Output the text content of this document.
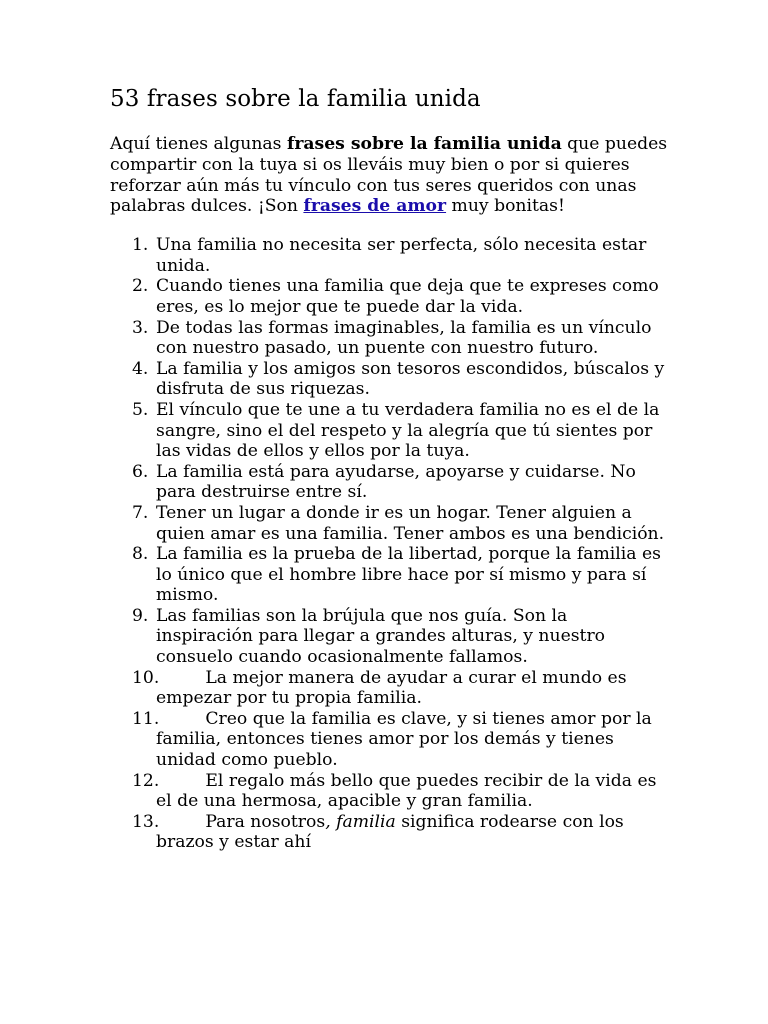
53 frases sobre la familia unida

Aquí tienes algunas frases sobre la familia unida que puedes compartir con la tuya si os lleváis muy bien o por si quieres reforzar aún más tu vínculo con tus seres queridos con unas palabras dulces. ¡Son frases de amor muy bonitas!

1. Una familia no necesita ser perfecta, sólo necesita estar unida.
2. Cuando tienes una familia que deja que te expreses como eres, es lo mejor que te puede dar la vida.
3. De todas las formas imaginables, la familia es un vínculo con nuestro pasado, un puente con nuestro futuro.
4. La familia y los amigos son tesoros escondidos, búscalos y disfruta de sus riquezas.
5. El vínculo que te une a tu verdadera familia no es el de la sangre, sino el del respeto y la alegría que tú sientes por las vidas de ellos y ellos por la tuya.
6. La familia está para ayudarse, apoyarse y cuidarse. No para destruirse entre sí.
7. Tener un lugar a donde ir es un hogar. Tener alguien a quien amar es una familia. Tener ambos es una bendición.
8. La familia es la prueba de la libertad, porque la familia es lo único que el hombre libre hace por sí mismo y para sí mismo.
9. Las familias son la brújula que nos guía. Son la inspiración para llegar a grandes alturas, y nuestro consuelo cuando ocasionalmente fallamos.
10.	La mejor manera de ayudar a curar el mundo es empezar por tu propia familia.
11.	Creo que la familia es clave, y si tienes amor por la familia, entonces tienes amor por los demás y tienes unidad como pueblo.
12.	El regalo más bello que puedes recibir de la vida es el de una hermosa, apacible y gran familia.
13.	Para nosotros, familia significa rodearse con los brazos y estar ahí
